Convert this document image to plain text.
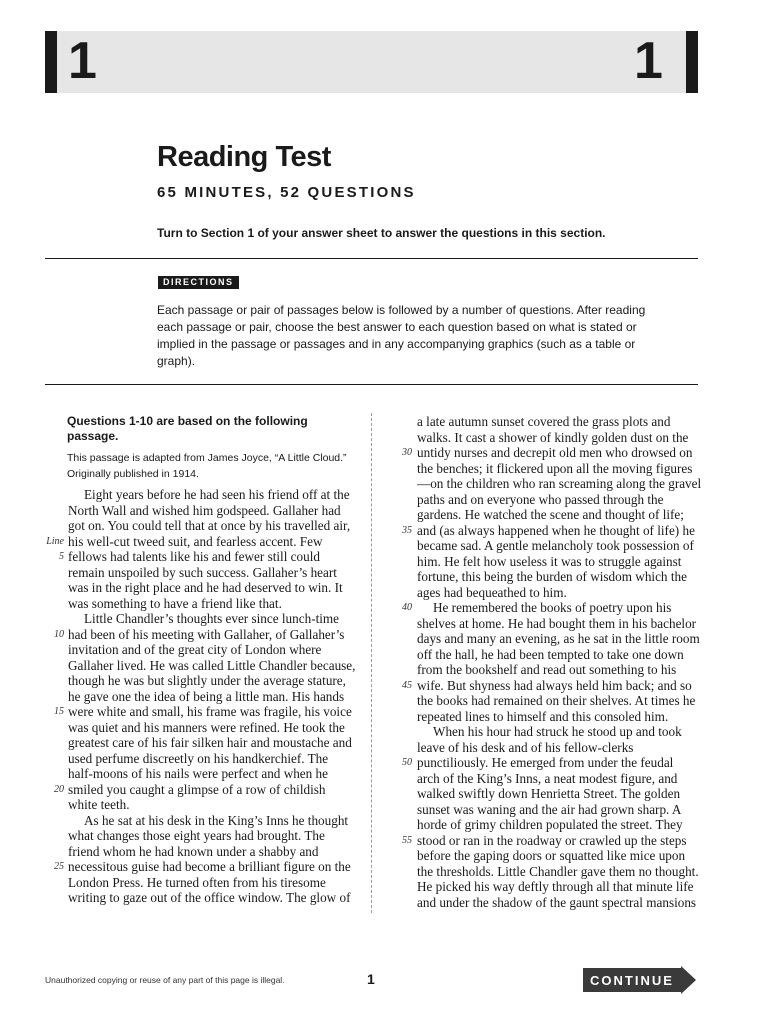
1	1
Reading Test
65 MINUTES, 52 QUESTIONS
Turn to Section 1 of your answer sheet to answer the questions in this section.
DIRECTIONS
Each passage or pair of passages below is followed by a number of questions. After reading each passage or pair, choose the best answer to each question based on what is stated or implied in the passage or passages and in any accompanying graphics (such as a table or graph).
Questions 1-10 are based on the following passage.
This passage is adapted from James Joyce, “A Little Cloud.” Originally published in 1914.
Eight years before he had seen his friend off at the
North Wall and wished him godspeed. Gallaher had
got on. You could tell that at once by his travelled air,
his well-cut tweed suit, and fearless accent. Few
Line
fellows had talents like his and fewer still could
5
remain unspoiled by such success. Gallaher’s heart
was in the right place and he had deserved to win. It
was something to have a friend like that.
Little Chandler’s thoughts ever since lunch-time
had been of his meeting with Gallaher, of Gallaher’s
10
invitation and of the great city of London where
Gallaher lived. He was called Little Chandler because,
though he was but slightly under the average stature,
he gave one the idea of being a little man. His hands
were white and small, his frame was fragile, his voice
15
was quiet and his manners were refined. He took the
greatest care of his fair silken hair and moustache and
used perfume discreetly on his handkerchief. The
half-moons of his nails were perfect and when he
smiled you caught a glimpse of a row of childish
20
white teeth.
As he sat at his desk in the King’s Inns he thought
what changes those eight years had brought. The
friend whom he had known under a shabby and
necessitous guise had become a brilliant figure on the
25
London Press. He turned often from his tiresome
writing to gaze out of the office window. The glow of
a late autumn sunset covered the grass plots and
walks. It cast a shower of kindly golden dust on the
untidy nurses and decrepit old men who drowsed on
30
the benches; it flickered upon all the moving figures
—on the children who ran screaming along the gravel
paths and on everyone who passed through the
gardens. He watched the scene and thought of life;
and (as always happened when he thought of life) he
35
became sad. A gentle melancholy took possession of
him. He felt how useless it was to struggle against
fortune, this being the burden of wisdom which the
ages had bequeathed to him.
He remembered the books of poetry upon his
40
shelves at home. He had bought them in his bachelor
days and many an evening, as he sat in the little room
off the hall, he had been tempted to take one down
from the bookshelf and read out something to his
wife. But shyness had always held him back; and so
45
the books had remained on their shelves. At times he
repeated lines to himself and this consoled him.
When his hour had struck he stood up and took
leave of his desk and of his fellow-clerks
punctiliously. He emerged from under the feudal
50
arch of the King’s Inns, a neat modest figure, and
walked swiftly down Henrietta Street. The golden
sunset was waning and the air had grown sharp. A
horde of grimy children populated the street. They
stood or ran in the roadway or crawled up the steps
55
before the gaping doors or squatted like mice upon
the thresholds. Little Chandler gave them no thought.
He picked his way deftly through all that minute life
and under the shadow of the gaunt spectral mansions
Unauthorized copying or reuse of any part of this page is illegal.	1	CONTINUE
